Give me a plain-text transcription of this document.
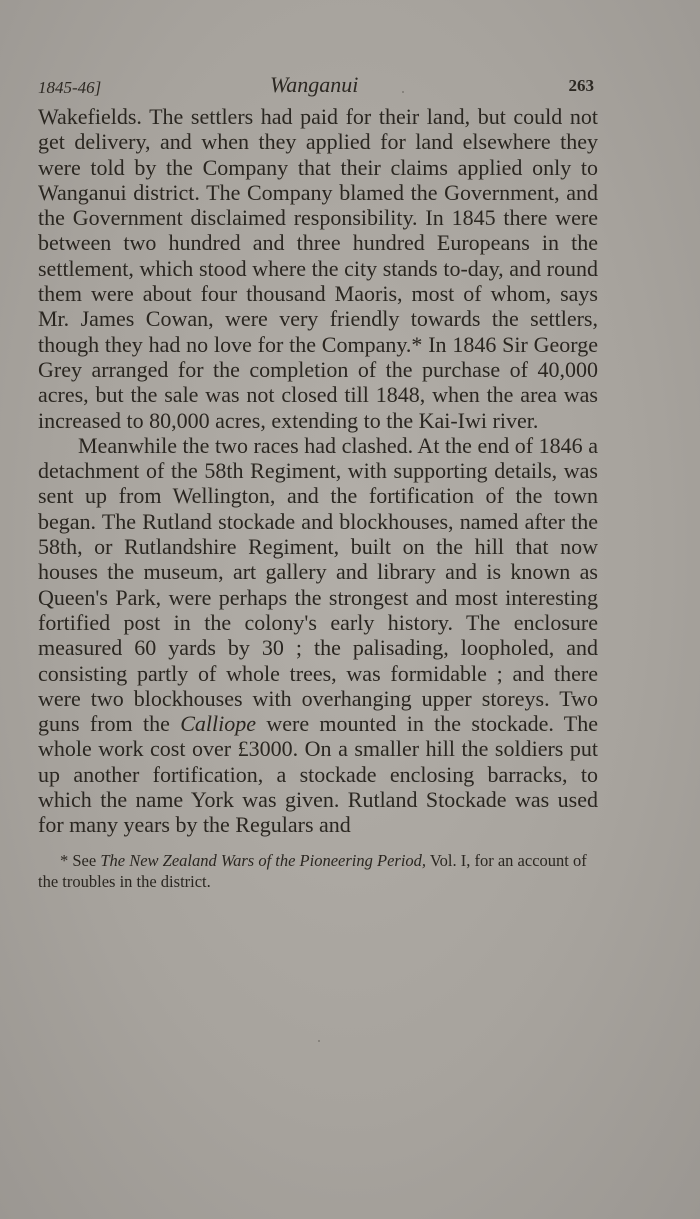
1845-46]	Wanganui	263

Wakefields. The settlers had paid for their land, but could not get delivery, and when they applied for land elsewhere they were told by the Company that their claims applied only to Wanganui district. The Company blamed the Government, and the Government disclaimed responsibility. In 1845 there were between two hundred and three hundred Europeans in the settlement, which stood where the city stands to-day, and round them were about four thousand Maoris, most of whom, says Mr. James Cowan, were very friendly towards the settlers, though they had no love for the Company.* In 1846 Sir George Grey arranged for the completion of the purchase of 40,000 acres, but the sale was not closed till 1848, when the area was increased to 80,000 acres, extending to the Kai-Iwi river.

Meanwhile the two races had clashed. At the end of 1846 a detachment of the 58th Regiment, with supporting details, was sent up from Wellington, and the fortification of the town began. The Rutland stockade and blockhouses, named after the 58th, or Rutlandshire Regiment, built on the hill that now houses the museum, art gallery and library and is known as Queen's Park, were perhaps the strongest and most interesting fortified post in the colony's early history. The enclosure measured 60 yards by 30 ; the palisading, loopholed, and consisting partly of whole trees, was formidable ; and there were two blockhouses with overhanging upper storeys. Two guns from the Calliope were mounted in the stockade. The whole work cost over £3000. On a smaller hill the soldiers put up another fortification, a stockade enclosing barracks, to which the name York was given. Rutland Stockade was used for many years by the Regulars and

* See The New Zealand Wars of the Pioneering Period, Vol. I, for an account of the troubles in the district.
